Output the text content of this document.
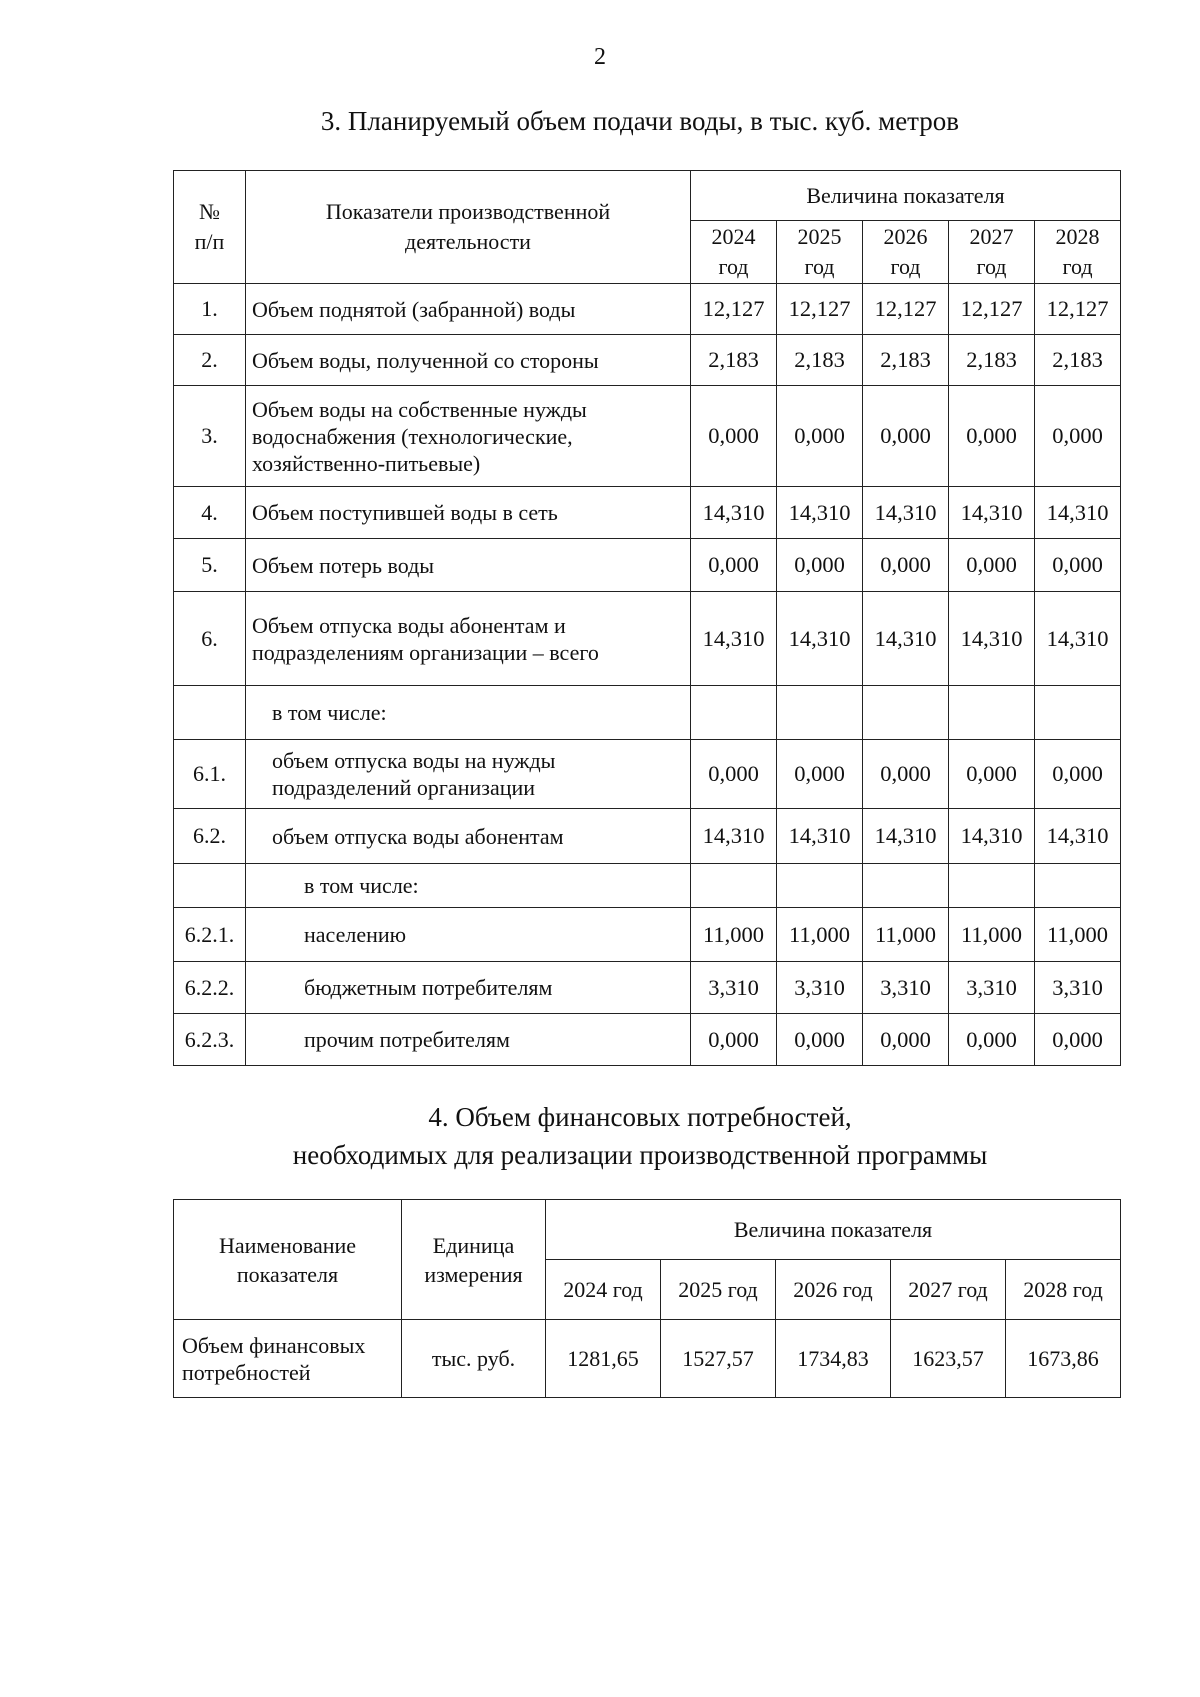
2
3. Планируемый объем подачи воды, в тыс. куб. метров
№ п/п	Показатели производственной деятельности	Величина показателя				
		2024 год	2025 год	2026 год	2027 год	2028 год
1.	Объем поднятой (забранной) воды	12,127	12,127	12,127	12,127	12,127
2.	Объем воды, полученной со стороны	2,183	2,183	2,183	2,183	2,183
3.	Объем воды на собственные нужды водоснабжения (технологические, хозяйственно-питьевые)	0,000	0,000	0,000	0,000	0,000
4.	Объем поступившей воды в сеть	14,310	14,310	14,310	14,310	14,310
5.	Объем потерь воды	0,000	0,000	0,000	0,000	0,000
6.	Объем отпуска воды абонентам и подразделениям организации – всего	14,310	14,310	14,310	14,310	14,310
	в том числе:					
6.1.	объем отпуска воды на нужды подразделений организации	0,000	0,000	0,000	0,000	0,000
6.2.	объем отпуска воды абонентам	14,310	14,310	14,310	14,310	14,310
	в том числе:					
6.2.1.	населению	11,000	11,000	11,000	11,000	11,000
6.2.2.	бюджетным потребителям	3,310	3,310	3,310	3,310	3,310
6.2.3.	прочим потребителям	0,000	0,000	0,000	0,000	0,000
4. Объем финансовых потребностей,
необходимых для реализации производственной программы
Наименование показателя	Единица измерения	Величина показателя				
		2024 год	2025 год	2026 год	2027 год	2028 год
Объем финансовых потребностей	тыс. руб.	1281,65	1527,57	1734,83	1623,57	1673,86
